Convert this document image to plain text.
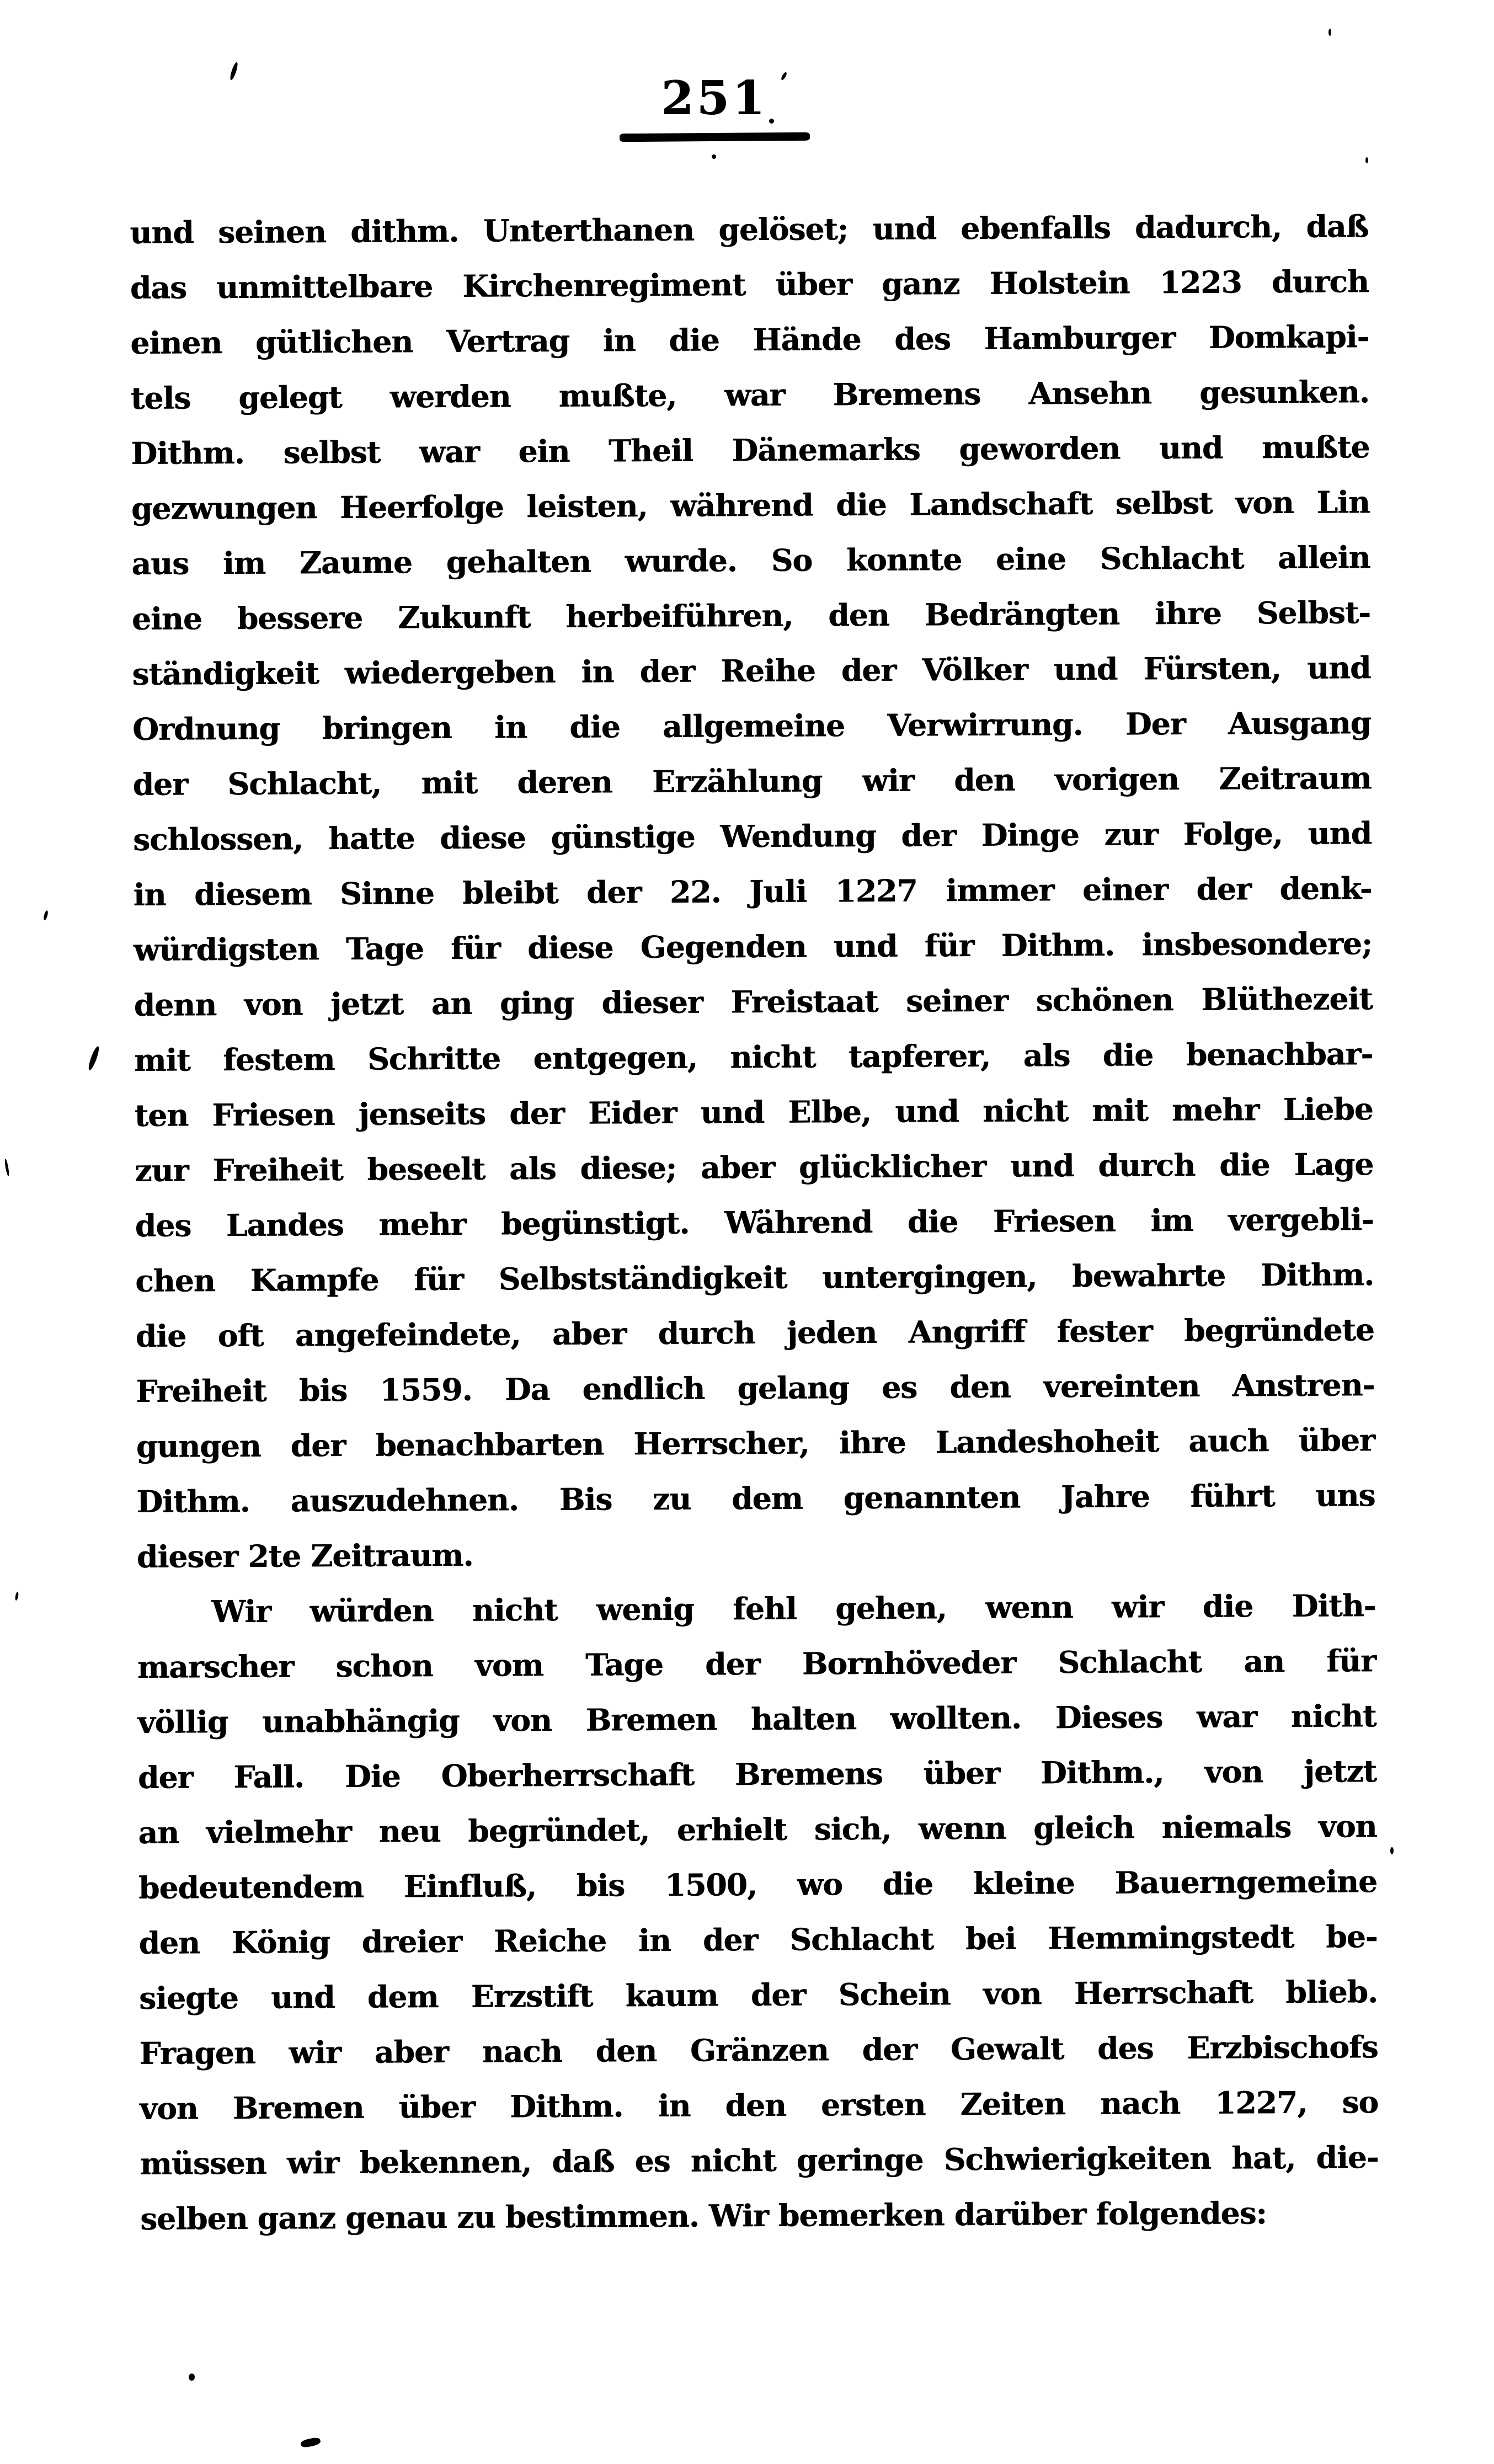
251
und seinen dithm. Unterthanen gelöset; und ebenfalls dadurch, daß
das unmittelbare Kirchenregiment über ganz Holstein 1223 durch
einen gütlichen Vertrag in die Hände des Hamburger Domkapi-
tels gelegt werden mußte, war Bremens Ansehn gesunken.
Dithm. selbst war ein Theil Dänemarks geworden und mußte
gezwungen Heerfolge leisten, während die Landschaft selbst von Lin
aus im Zaume gehalten wurde. So konnte eine Schlacht allein
eine bessere Zukunft herbeiführen, den Bedrängten ihre Selbst-
ständigkeit wiedergeben in der Reihe der Völker und Fürsten, und
Ordnung bringen in die allgemeine Verwirrung. Der Ausgang
der Schlacht, mit deren Erzählung wir den vorigen Zeitraum
schlossen, hatte diese günstige Wendung der Dinge zur Folge, und
in diesem Sinne bleibt der 22. Juli 1227 immer einer der denk-
würdigsten Tage für diese Gegenden und für Dithm. insbesondere;
denn von jetzt an ging dieser Freistaat seiner schönen Blüthezeit
mit festem Schritte entgegen, nicht tapferer, als die benachbar-
ten Friesen jenseits der Eider und Elbe, und nicht mit mehr Liebe
zur Freiheit beseelt als diese; aber glücklicher und durch die Lage
des Landes mehr begünstigt. Während die Friesen im vergebli-
chen Kampfe für Selbstständigkeit untergingen, bewahrte Dithm.
die oft angefeindete, aber durch jeden Angriff fester begründete
Freiheit bis 1559. Da endlich gelang es den vereinten Anstren-
gungen der benachbarten Herrscher, ihre Landeshoheit auch über
Dithm. auszudehnen. Bis zu dem genannten Jahre führt uns
dieser 2te Zeitraum.
Wir würden nicht wenig fehl gehen, wenn wir die Dith-
marscher schon vom Tage der Bornhöveder Schlacht an für
völlig unabhängig von Bremen halten wollten. Dieses war nicht
der Fall. Die Oberherrschaft Bremens über Dithm., von jetzt
an vielmehr neu begründet, erhielt sich, wenn gleich niemals von
bedeutendem Einfluß, bis 1500, wo die kleine Bauerngemeine
den König dreier Reiche in der Schlacht bei Hemmingstedt be-
siegte und dem Erzstift kaum der Schein von Herrschaft blieb.
Fragen wir aber nach den Gränzen der Gewalt des Erzbischofs
von Bremen über Dithm. in den ersten Zeiten nach 1227, so
müssen wir bekennen, daß es nicht geringe Schwierigkeiten hat, die-
selben ganz genau zu bestimmen. Wir bemerken darüber folgendes:
